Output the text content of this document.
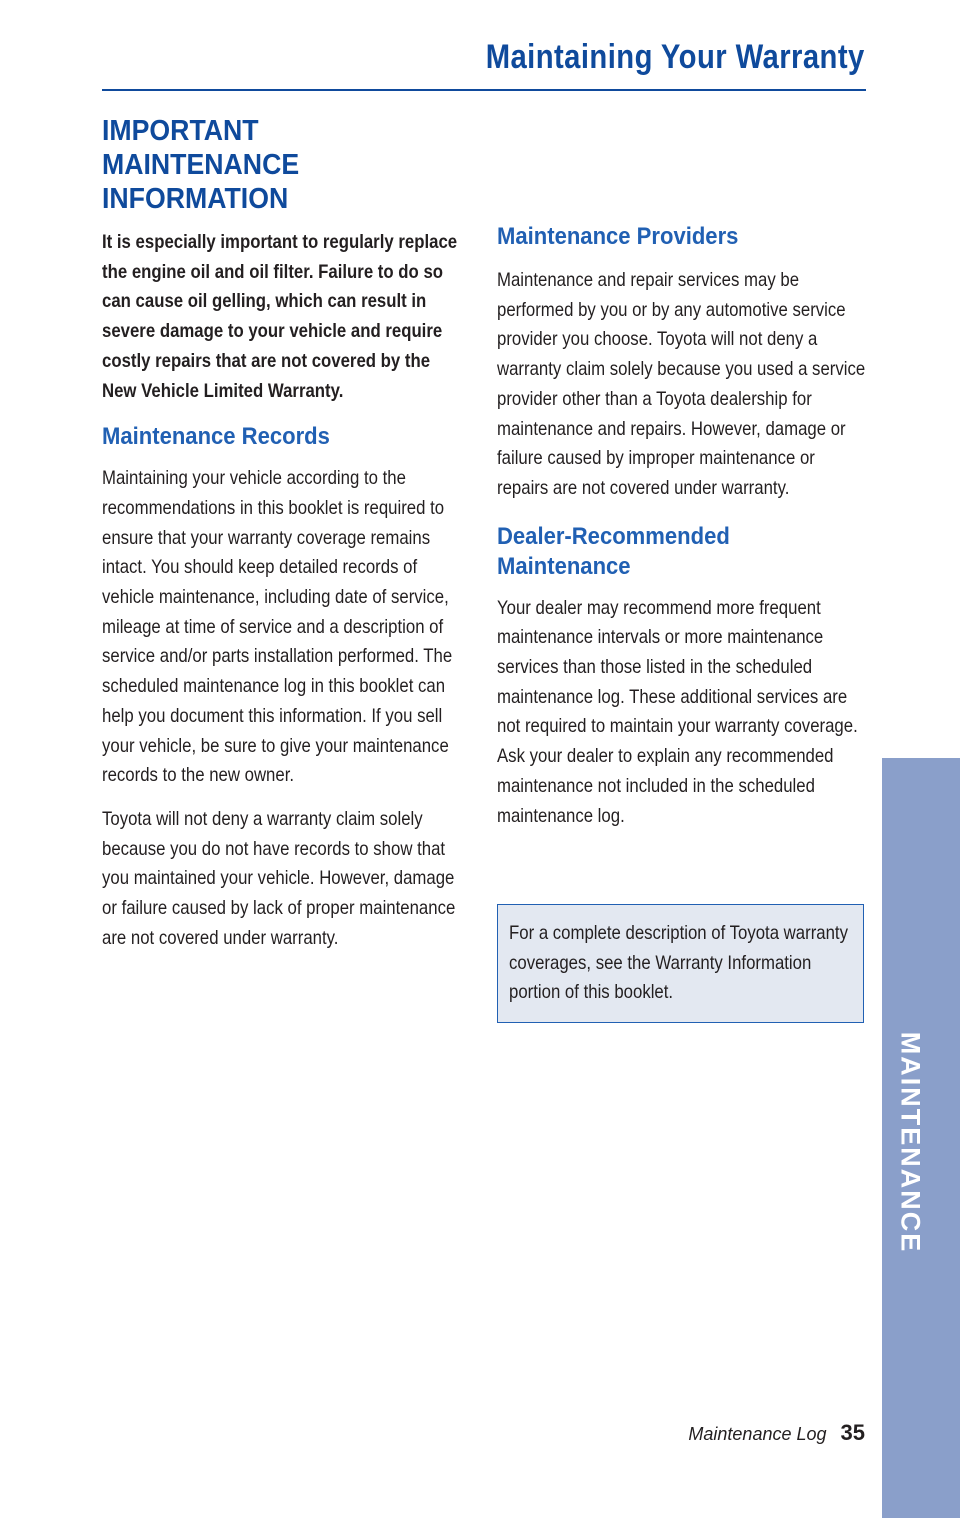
Maintaining Your Warranty
IMPORTANT
MAINTENANCE
INFORMATION

It is especially important to regularly replace the engine oil and oil filter. Failure to do so can cause oil gelling, which can result in severe damage to your vehicle and require costly repairs that are not covered by the New Vehicle Limited Warranty.

Maintenance Records

Maintaining your vehicle according to the recommendations in this booklet is required to ensure that your warranty coverage remains intact. You should keep detailed records of vehicle maintenance, including date of service, mileage at time of service and a description of service and/or parts installation performed. The scheduled maintenance log in this booklet can help you document this information. If you sell your vehicle, be sure to give your maintenance records to the new owner.

Toyota will not deny a warranty claim solely because you do not have records to show that you maintained your vehicle. However, damage or failure caused by lack of proper maintenance are not covered under warranty.

Maintenance Providers

Maintenance and repair services may be performed by you or by any automotive service provider you choose. Toyota will not deny a warranty claim solely because you used a service provider other than a Toyota dealership for maintenance and repairs. However, damage or failure caused by improper maintenance or repairs are not covered under warranty.

Dealer-Recommended
Maintenance

Your dealer may recommend more frequent maintenance intervals or more maintenance services than those listed in the scheduled maintenance log. These additional services are not required to maintain your warranty coverage. Ask your dealer to explain any recommended maintenance not included in the scheduled maintenance log.

For a complete description of Toyota warranty coverages, see the Warranty Information portion of this booklet.

MAINTENANCE
Maintenance Log 35
